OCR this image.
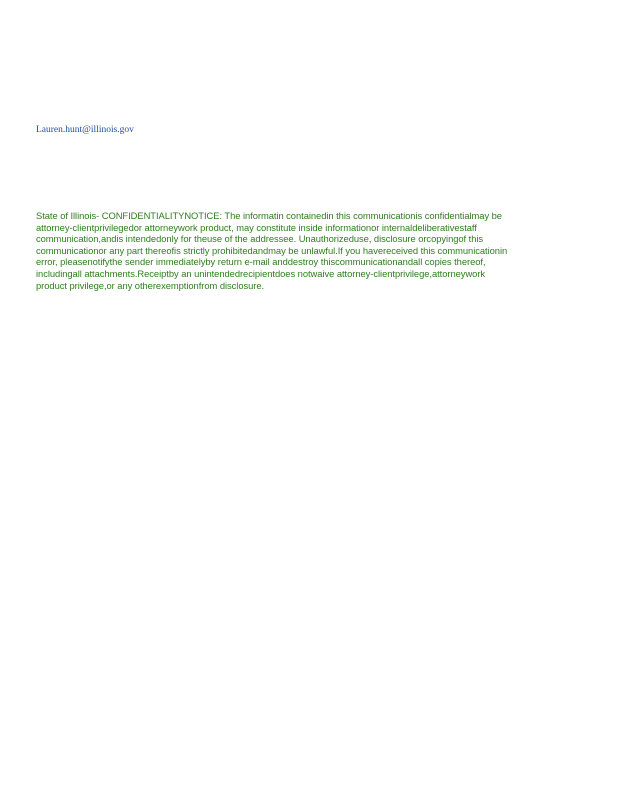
Lauren.hunt@illinois.gov
State of Illinois- CONFIDENTIALITYNOTICE: The informatin containedin this communicationis confidentialmay be
attorney-clientprivilegedor attorneywork product, may constitute inside informationor internaldeliberativestaff
communication,andis intendedonly for theuse of the addressee. Unauthorizeduse, disclosure orcopyingof this
communicationor any part thereofis strictly prohibitedandmay be unlawful.If you havereceived this communicationin
error, pleasenotifythe sender immediatelyby return e-mail anddestroy thiscommunicationandall copies thereof,
includingall attachments.Receiptby an unintendedrecipientdoes notwaive attorney-clientprivilege,attorneywork
product privilege,or any otherexemptionfrom disclosure.
